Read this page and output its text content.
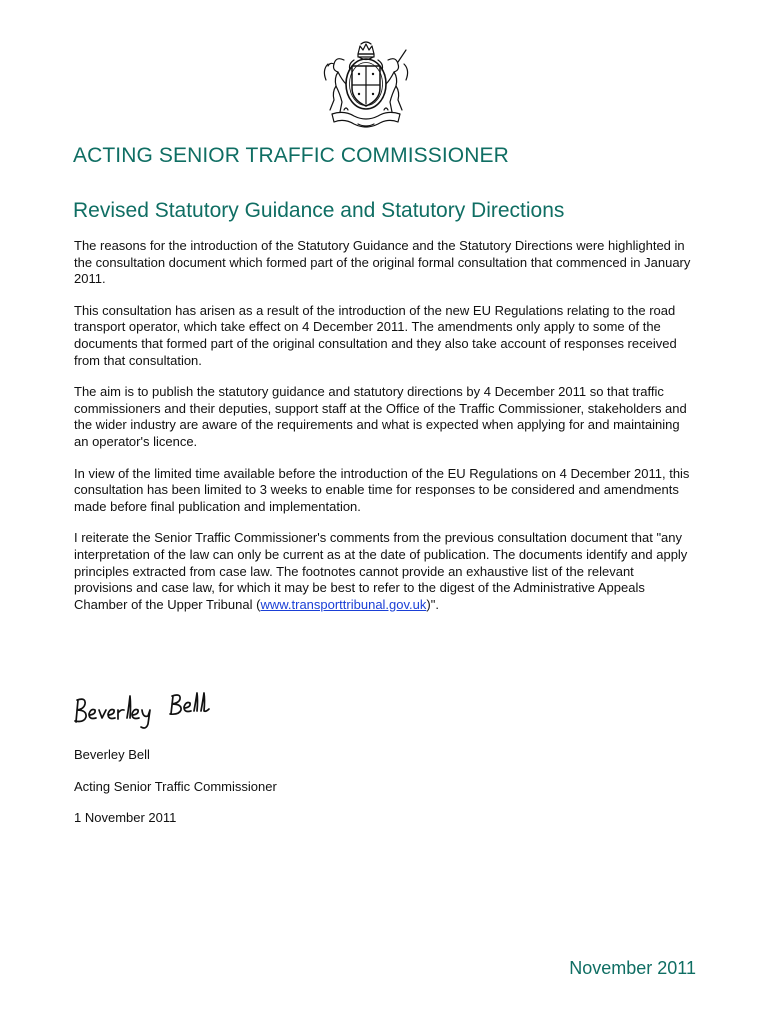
ACTING SENIOR TRAFFIC COMMISSIONER
Revised Statutory Guidance and Statutory Directions

The reasons for the introduction of the Statutory Guidance and the Statutory Directions were highlighted in the consultation document which formed part of the original formal consultation that commenced in January 2011.

This consultation has arisen as a result of the introduction of the new EU Regulations relating to the road transport operator, which take effect on 4 December 2011. The amendments only apply to some of the documents that formed part of the original consultation and they also take account of responses received from that consultation.

The aim is to publish the statutory guidance and statutory directions by 4 December 2011 so that traffic commissioners and their deputies, support staff at the Office of the Traffic Commissioner, stakeholders and the wider industry are aware of the requirements and what is expected when applying for and maintaining an operator's licence.

In view of the limited time available before the introduction of the EU Regulations on 4 December 2011, this consultation has been limited to 3 weeks to enable time for responses to be considered and amendments made before final publication and implementation.

I reiterate the Senior Traffic Commissioner's comments from the previous consultation document that "any interpretation of the law can only be current as at the date of publication. The documents identify and apply principles extracted from case law. The footnotes cannot provide an exhaustive list of the relevant provisions and case law, for which it may be best to refer to the digest of the Administrative Appeals Chamber of the Upper Tribunal (www.transporttribunal.gov.uk)".

Beverley Bell
Acting Senior Traffic Commissioner
1 November 2011
November 2011
